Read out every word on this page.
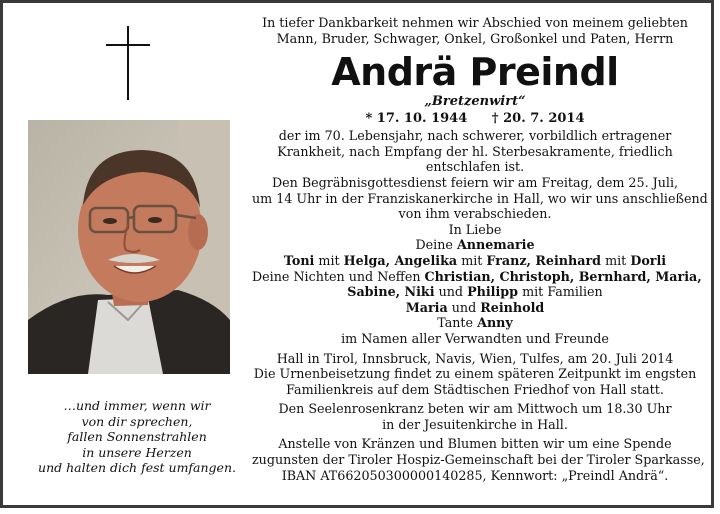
…und immer, wenn wir
von dir sprechen,
fallen Sonnenstrahlen
in unsere Herzen
und halten dich fest umfangen.
In tiefer Dankbarkeit nehmen wir Abschied von meinem geliebten
Mann, Bruder, Schwager, Onkel, Großonkel und Paten, Herrn
Andrä Preindl
„Bretzenwirt“
* 17. 10. 1944 † 20. 7. 2014
der im 70. Lebensjahr, nach schwerer, vorbildlich ertragener
Krankheit, nach Empfang der hl. Sterbesakramente, friedlich
entschlafen ist.
Den Begräbnisgottesdienst feiern wir am Freitag, dem 25. Juli,
um 14 Uhr in der Franziskanerkirche in Hall, wo wir uns anschließend
von ihm verabschieden.
In Liebe
Deine Annemarie
Toni mit Helga, Angelika mit Franz, Reinhard mit Dorli
Deine Nichten und Neffen Christian, Christoph, Bernhard, Maria,
Sabine, Niki und Philipp mit Familien
Maria und Reinhold
Tante Anny
im Namen aller Verwandten und Freunde
Hall in Tirol, Innsbruck, Navis, Wien, Tulfes, am 20. Juli 2014
Die Urnenbeisetzung findet zu einem späteren Zeitpunkt im engsten
Familienkreis auf dem Städtischen Friedhof von Hall statt.
Den Seelenrosenkranz beten wir am Mittwoch um 18.30 Uhr
in der Jesuitenkirche in Hall.
Anstelle von Kränzen und Blumen bitten wir um eine Spende
zugunsten der Tiroler Hospiz-Gemeinschaft bei der Tiroler Sparkasse,
IBAN AT662050300000140285, Kennwort: „Preindl Andrä“.
